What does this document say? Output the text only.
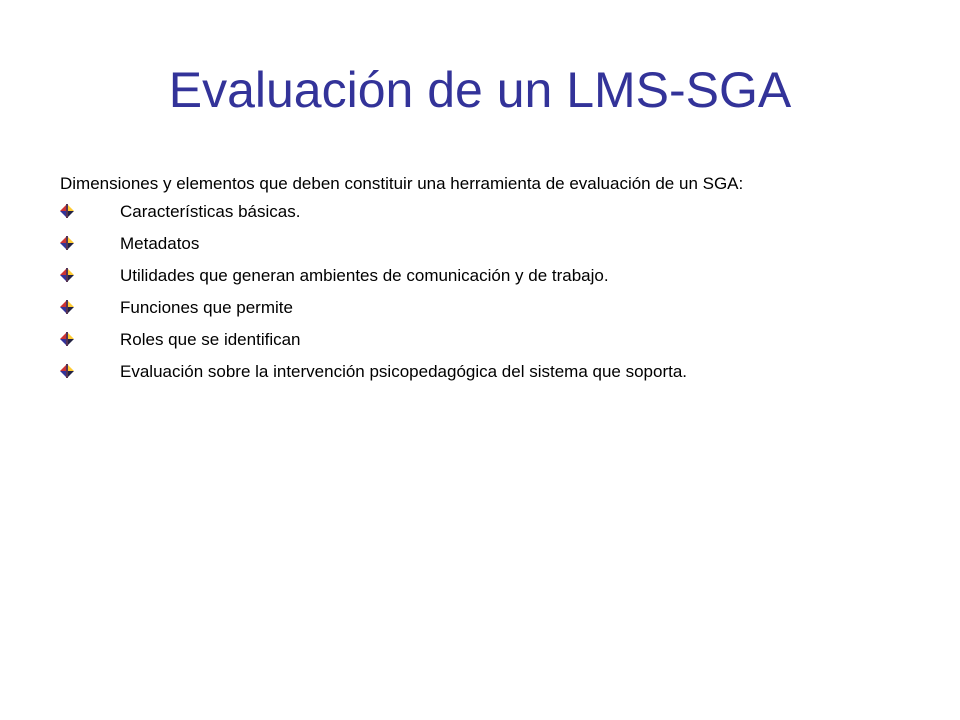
Evaluación de un LMS-SGA

Dimensiones y elementos que deben constituir una herramienta de evaluación de un SGA:

Características básicas.
Metadatos
Utilidades que generan ambientes de comunicación y de trabajo.
Funciones que permite
Roles que se identifican
Evaluación sobre la intervención psicopedagógica del sistema que soporta.
